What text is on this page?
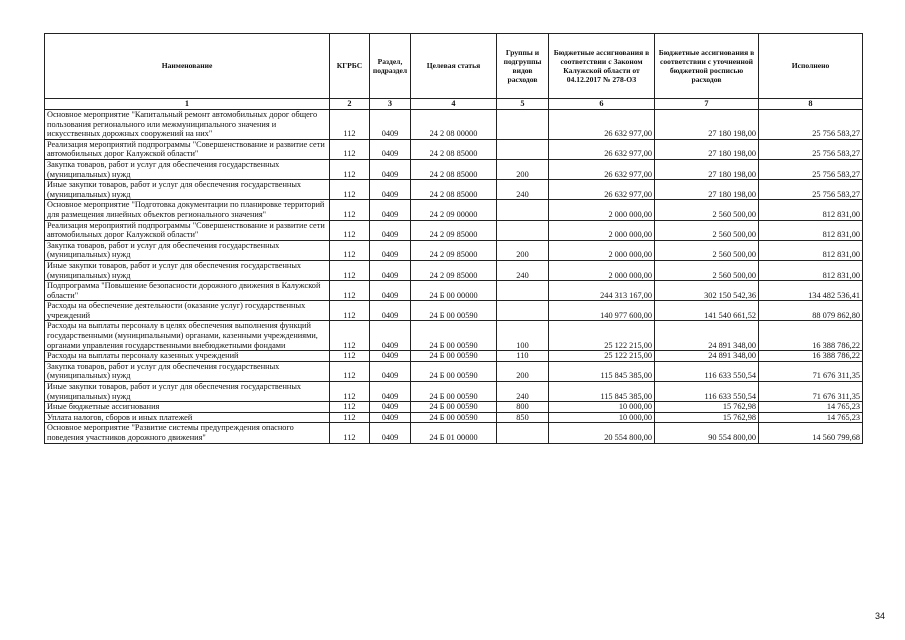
Наименование	КГРБС	Раздел, подраздел	Целевая статья	Группы и подгруппы видов расходов	Бюджетные ассигнования в соответствии с Законом Калужской области от 04.12.2017 № 278-ОЗ	Бюджетные ассигнования в соответствии с уточненной бюджетной росписью расходов	Исполнено
1	2	3	4	5	6	7	8
Основное мероприятие "Капитальный ремонт автомобильных дорог общего пользования регионального или межмуниципального значения и искусственных дорожных сооружений на них"	112	0409	24 2 08 00000		26 632 977,00	27 180 198,00	25 756 583,27
Реализация мероприятий подпрограммы "Совершенствование и развитие сети автомобильных дорог Калужской области"	112	0409	24 2 08 85000		26 632 977,00	27 180 198,00	25 756 583,27
Закупка товаров, работ и услуг для обеспечения государственных (муниципальных) нужд	112	0409	24 2 08 85000	200	26 632 977,00	27 180 198,00	25 756 583,27
Иные закупки товаров, работ и услуг для обеспечения государственных (муниципальных) нужд	112	0409	24 2 08 85000	240	26 632 977,00	27 180 198,00	25 756 583,27
Основное мероприятие "Подготовка документации по планировке территорий для размещения линейных объектов регионального значения"	112	0409	24 2 09 00000		2 000 000,00	2 560 500,00	812 831,00
Реализация мероприятий подпрограммы "Совершенствование и развитие сети автомобильных дорог Калужской области"	112	0409	24 2 09 85000		2 000 000,00	2 560 500,00	812 831,00
Закупка товаров, работ и услуг для обеспечения государственных (муниципальных) нужд	112	0409	24 2 09 85000	200	2 000 000,00	2 560 500,00	812 831,00
Иные закупки товаров, работ и услуг для обеспечения государственных (муниципальных) нужд	112	0409	24 2 09 85000	240	2 000 000,00	2 560 500,00	812 831,00
Подпрограмма "Повышение безопасности дорожного движения в Калужской области"	112	0409	24 Б 00 00000		244 313 167,00	302 150 542,36	134 482 536,41
Расходы на обеспечение деятельности (оказание услуг) государственных учреждений	112	0409	24 Б 00 00590		140 977 600,00	141 540 661,52	88 079 862,80
Расходы на выплаты персоналу в целях обеспечения выполнения функций государственными (муниципальными) органами, казенными учреждениями, органами управления государственными внебюджетными фондами	112	0409	24 Б 00 00590	100	25 122 215,00	24 891 348,00	16 388 786,22
Расходы на выплаты персоналу казенных учреждений	112	0409	24 Б 00 00590	110	25 122 215,00	24 891 348,00	16 388 786,22
Закупка товаров, работ и услуг для обеспечения государственных (муниципальных) нужд	112	0409	24 Б 00 00590	200	115 845 385,00	116 633 550,54	71 676 311,35
Иные закупки товаров, работ и услуг для обеспечения государственных (муниципальных) нужд	112	0409	24 Б 00 00590	240	115 845 385,00	116 633 550,54	71 676 311,35
Иные бюджетные ассигнования	112	0409	24 Б 00 00590	800	10 000,00	15 762,98	14 765,23
Уплата налогов, сборов и иных платежей	112	0409	24 Б 00 00590	850	10 000,00	15 762,98	14 765,23
Основное мероприятие "Развитие системы предупреждения опасного поведения участников дорожного движения"	112	0409	24 Б 01 00000		20 554 800,00	90 554 800,00	14 560 799,68
34
